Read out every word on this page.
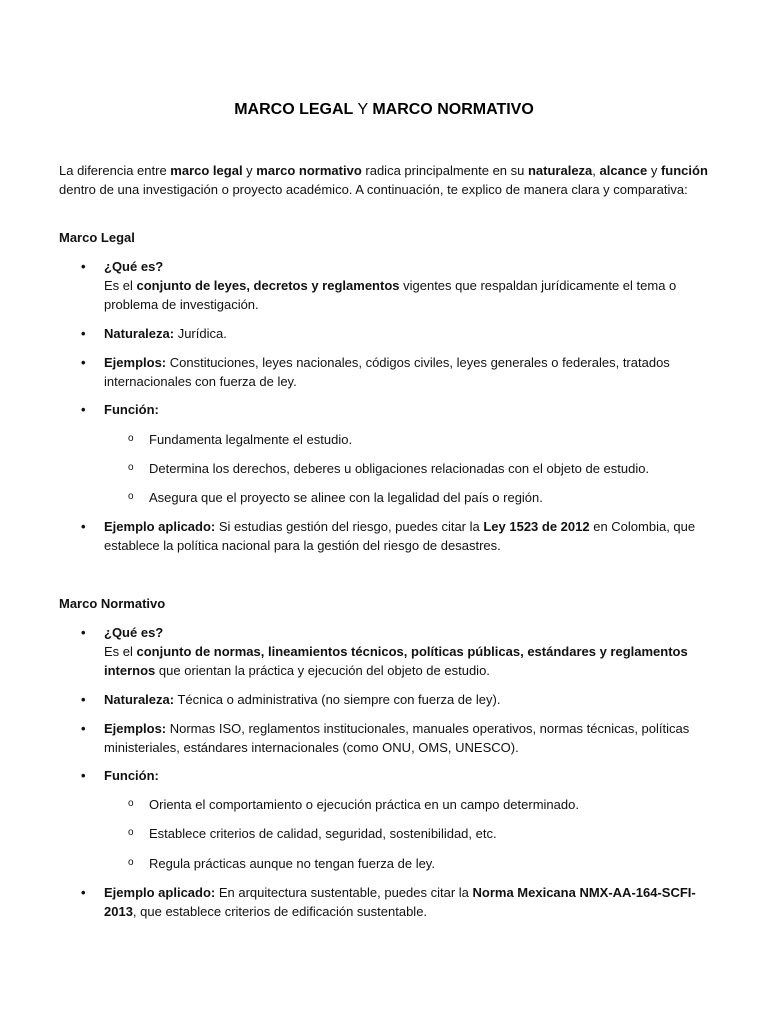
MARCO LEGAL Y MARCO NORMATIVO

La diferencia entre marco legal y marco normativo radica principalmente en su naturaleza, alcance y función dentro de una investigación o proyecto académico. A continuación, te explico de manera clara y comparativa:

Marco Legal
• ¿Qué es?
Es el conjunto de leyes, decretos y reglamentos vigentes que respaldan jurídicamente el tema o problema de investigación.
• Naturaleza: Jurídica.
• Ejemplos: Constituciones, leyes nacionales, códigos civiles, leyes generales o federales, tratados internacionales con fuerza de ley.
• Función:
o Fundamenta legalmente el estudio.
o Determina los derechos, deberes u obligaciones relacionadas con el objeto de estudio.
o Asegura que el proyecto se alinee con la legalidad del país o región.
• Ejemplo aplicado: Si estudias gestión del riesgo, puedes citar la Ley 1523 de 2012 en Colombia, que establece la política nacional para la gestión del riesgo de desastres.
Marco Normativo
• ¿Qué es?
Es el conjunto de normas, lineamientos técnicos, políticas públicas, estándares y reglamentos internos que orientan la práctica y ejecución del objeto de estudio.
• Naturaleza: Técnica o administrativa (no siempre con fuerza de ley).
• Ejemplos: Normas ISO, reglamentos institucionales, manuales operativos, normas técnicas, políticas ministeriales, estándares internacionales (como ONU, OMS, UNESCO).
• Función:
o Orienta el comportamiento o ejecución práctica en un campo determinado.
o Establece criterios de calidad, seguridad, sostenibilidad, etc.
o Regula prácticas aunque no tengan fuerza de ley.
• Ejemplo aplicado: En arquitectura sustentable, puedes citar la Norma Mexicana NMX-AA-164-SCFI-2013, que establece criterios de edificación sustentable.
